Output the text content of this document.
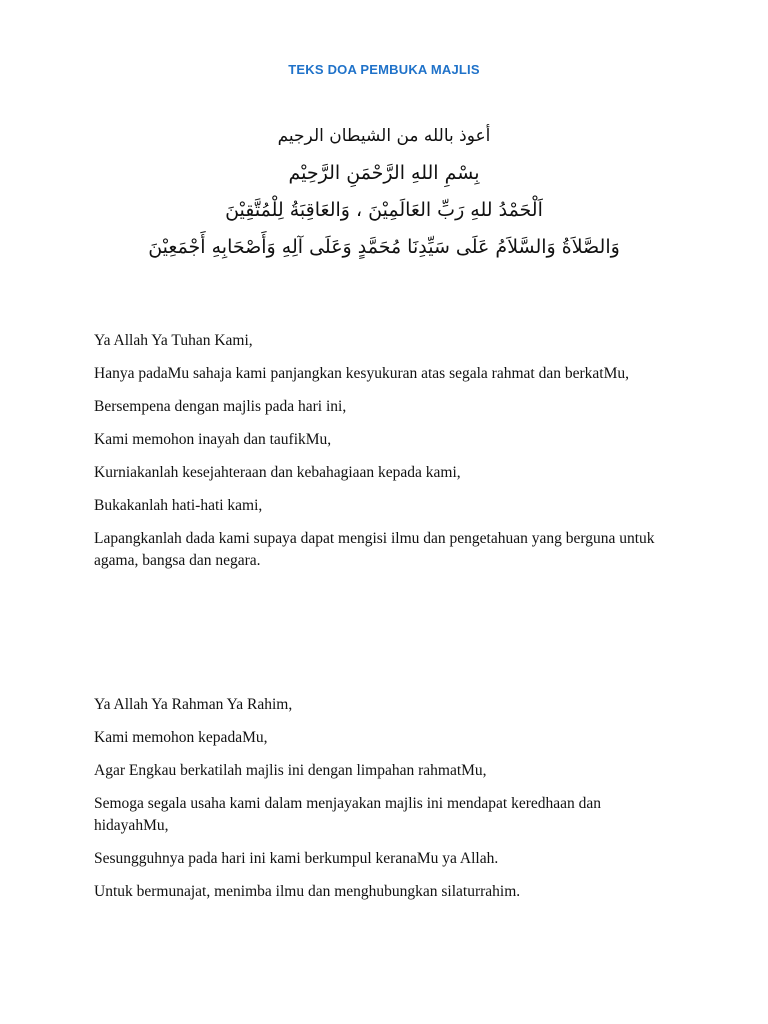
TEKS DOA PEMBUKA MAJLIS
أعوذ بالله من الشيطان الرجيم
بِسْمِ اللهِ الرَّحْمَنِ الرَّحِيْم
اَلْحَمْدُ للهِ رَبِّ العَالَمِيْنَ ، وَالعَاقِبَةُ لِلْمُتَّقِيْنَ
وَالصَّلاَةُ وَالسَّلاَمُ عَلَى سَيِّدِنَا مُحَمَّدٍ وَعَلَى آلِهِ وَأَصْحَابِهِ أَجْمَعِيْنَ

Ya Allah Ya Tuhan Kami,

Hanya padaMu sahaja kami panjangkan kesyukuran atas segala rahmat dan berkatMu,

Bersempena dengan majlis pada hari ini,

Kami memohon inayah dan taufikMu,

Kurniakanlah kesejahteraan dan kebahagiaan kepada kami,

Bukakanlah hati-hati kami,

Lapangkanlah dada kami supaya dapat mengisi ilmu dan pengetahuan yang berguna untuk agama, bangsa dan negara.

Ya Allah Ya Rahman Ya Rahim,

Kami memohon kepadaMu,

Agar Engkau berkatilah majlis ini dengan limpahan rahmatMu,

Semoga segala usaha kami dalam menjayakan majlis ini mendapat keredhaan dan hidayahMu,

Sesungguhnya pada hari ini kami berkumpul keranaMu ya Allah.

Untuk bermunajat, menimba ilmu dan menghubungkan silaturrahim.
